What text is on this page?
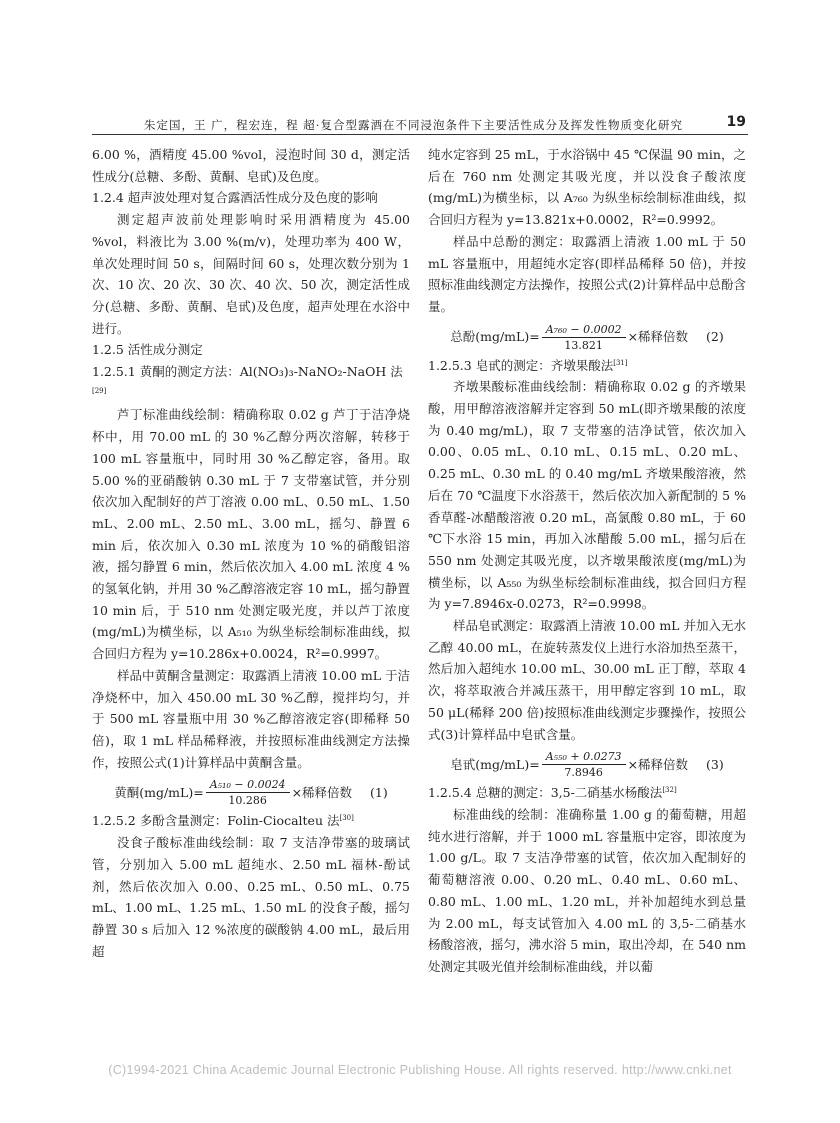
朱定国，王 广，程宏连，程 超·复合型露酒在不同浸泡条件下主要活性成分及挥发性物质变化研究	19

6.00 %，酒精度 45.00 %vol，浸泡时间 30 d，测定活性成分(总糖、多酚、黄酮、皂甙)及色度。

1.2.4 超声波处理对复合露酒活性成分及色度的影响

测定超声波前处理影响时采用酒精度为 45.00 %vol，料液比为 3.00 %(m/v)，处理功率为 400 W，单次处理时间 50 s，间隔时间 60 s，处理次数分别为 1 次、10 次、20 次、30 次、40 次、50 次，测定活性成分(总糖、多酚、黄酮、皂甙)及色度，超声处理在水浴中进行。

1.2.5 活性成分测定
1.2.5.1 黄酮的测定方法：Al(NO₃)₃-NaNO₂-NaOH 法[29]

芦丁标准曲线绘制：精确称取 0.02 g 芦丁于洁净烧杯中，用 70.00 mL 的 30 %乙醇分两次溶解，转移于 100 mL 容量瓶中，同时用 30 %乙醇定容，备用。取 5.00 %的亚硝酸钠 0.30 mL 于 7 支带塞试管，并分别依次加入配制好的芦丁溶液 0.00 mL、0.50 mL、1.50 mL、2.00 mL、2.50 mL、3.00 mL，摇匀、静置 6 min 后，依次加入 0.30 mL 浓度为 10 %的硝酸铝溶液，摇匀静置 6 min，然后依次加入 4.00 mL 浓度 4 %的氢氧化钠，并用 30 %乙醇溶液定容 10 mL，摇匀静置 10 min 后，于 510 nm 处测定吸光度，并以芦丁浓度(mg/mL)为横坐标，以 A₅₁₀ 为纵坐标绘制标准曲线，拟合回归方程为 y=10.286x+0.0024，R²=0.9997。

样品中黄酮含量测定：取露酒上清液 10.00 mL 于洁净烧杯中，加入 450.00 mL 30 %乙醇，搅拌均匀，并于 500 mL 容量瓶中用 30 %乙醇溶液定容(即稀释 50 倍)，取 1 mL 样品稀释液，并按照标准曲线测定方法操作，按照公式(1)计算样品中黄酮含量。

黄酮$(mg/mL)= \frac{\text{A₅₁₀ − 0.0024}}{10.286}$ ×稀释倍数 (1)
1.2.5.2 多酚含量测定：Folin-Ciocalteu 法[30]

没食子酸标准曲线绘制：取 7 支洁净带塞的玻璃试管，分别加入 5.00 mL 超纯水、2.50 mL 福林-酚试剂，然后依次加入 0.00、0.25 mL、0.50 mL、0.75 mL、1.00 mL、1.25 mL、1.50 mL 的没食子酸，摇匀静置 30 s 后加入 12 %浓度的碳酸钠 4.00 mL，最后用超

纯水定容到 25 mL，于水浴锅中 45 ℃保温 90 min，之后在 760 nm 处测定其吸光度，并以没食子酸浓度(mg/mL)为横坐标，以 A₇₆₀ 为纵坐标绘制标准曲线，拟合回归方程为 y=13.821x+0.0002，R²=0.9992。

样品中总酚的测定：取露酒上清液 1.00 mL 于 50 mL 容量瓶中，用超纯水定容(即样品稀释 50 倍)，并按照标准曲线测定方法操作，按照公式(2)计算样品中总酚含量。

总酚$(mg/mL)= \frac{\text{A₇₆₀ − 0.0002}}{13.821}$ ×稀释倍数 (2)
1.2.5.3 皂甙的测定：齐墩果酸法[31]

齐墩果酸标准曲线绘制：精确称取 0.02 g 的齐墩果酸，用甲醇溶液溶解并定容到 50 mL(即齐墩果酸的浓度为 0.40 mg/mL)，取 7 支带塞的洁净试管，依次加入 0.00、0.05 mL、0.10 mL、0.15 mL、0.20 mL、0.25 mL、0.30 mL 的 0.40 mg/mL 齐墩果酸溶液，然后在 70 ℃温度下水浴蒸干，然后依次加入新配制的 5 %香草醛-冰醋酸溶液 0.20 mL，高氯酸 0.80 mL，于 60 ℃下水浴 15 min，再加入冰醋酸 5.00 mL，摇匀后在 550 nm 处测定其吸光度，以齐墩果酸浓度(mg/mL)为横坐标，以 A₅₅₀ 为纵坐标绘制标准曲线，拟合回归方程为 y=7.8946x-0.0273，R²=0.9998。

样品皂甙测定：取露酒上清液 10.00 mL 并加入无水乙醇 40.00 mL，在旋转蒸发仪上进行水浴加热至蒸干，然后加入超纯水 10.00 mL、30.00 mL 正丁醇，萃取 4 次，将萃取液合并减压蒸干，用甲醇定容到 10 mL，取 50 μL(稀释 200 倍)按照标准曲线测定步骤操作，按照公式(3)计算样品中皂甙含量。

皂甙$(mg/mL)= \frac{\text{A₅₅₀ + 0.0273}}{7.8946}$ ×稀释倍数 (3)
1.2.5.4 总糖的测定：3,5-二硝基水杨酸法[32]

标准曲线的绘制：准确称量 1.00 g 的葡萄糖，用超纯水进行溶解，并于 1000 mL 容量瓶中定容，即浓度为 1.00 g/L。取 7 支洁净带塞的试管，依次加入配制好的葡萄糖溶液 0.00、0.20 mL、0.40 mL、0.60 mL、0.80 mL、1.00 mL、1.20 mL，并补加超纯水到总量为 2.00 mL，每支试管加入 4.00 mL 的 3,5-二硝基水杨酸溶液，摇匀，沸水浴 5 min，取出冷却，在 540 nm 处测定其吸光值并绘制标准曲线，并以葡

(C)1994-2021 China Academic Journal Electronic Publishing House. All rights reserved. http://www.cnki.net
